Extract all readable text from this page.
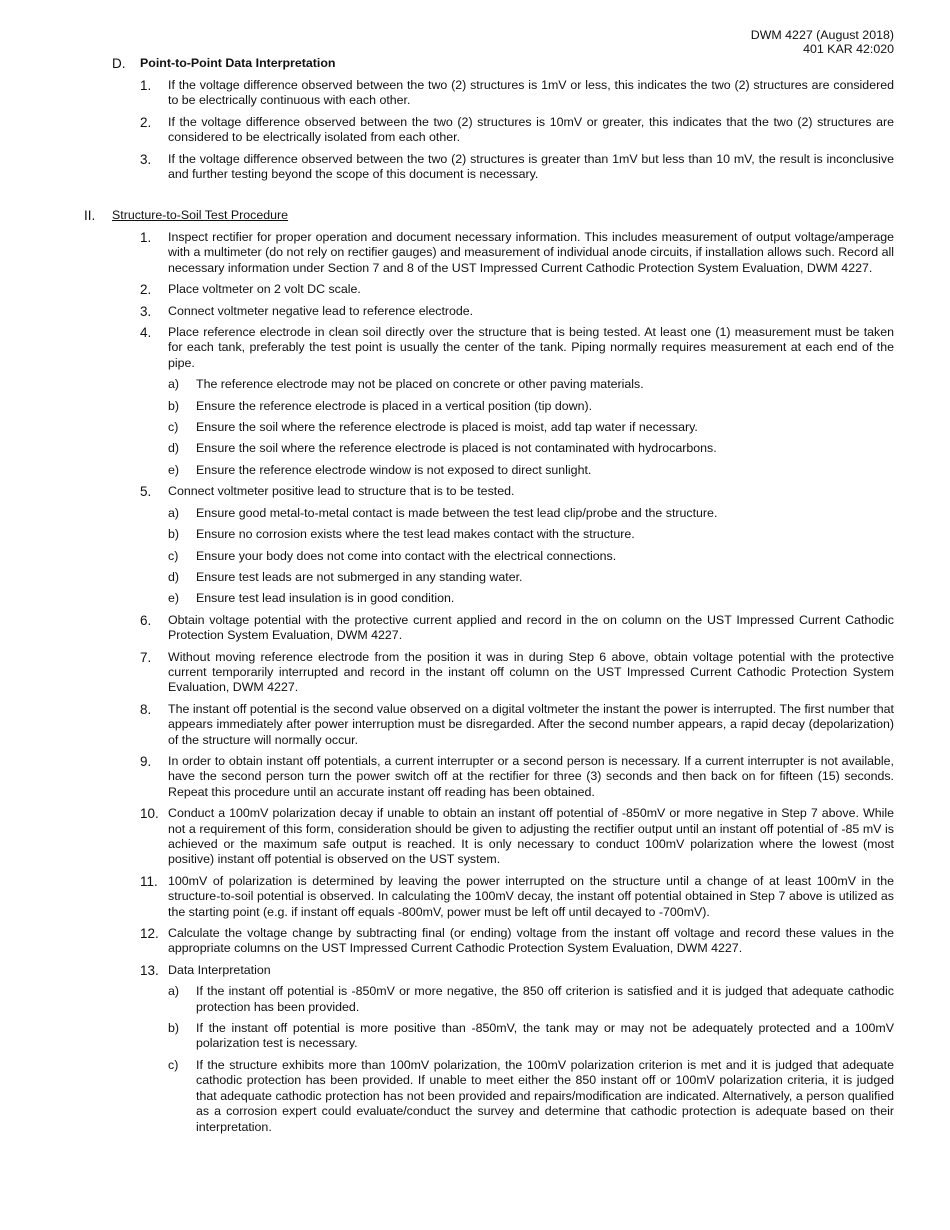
DWM 4227 (August 2018)
401 KAR 42:020
D. Point-to-Point Data Interpretation
1.	If the voltage difference observed between the two (2) structures is 1mV or less, this indicates the two (2) structures are considered to be electrically continuous with each other.
2.	If the voltage difference observed between the two (2) structures is 10mV or greater, this indicates that the two (2) structures are considered to be electrically isolated from each other.
3.	If the voltage difference observed between the two (2) structures is greater than 1mV but less than 10 mV, the result is inconclusive and further testing beyond the scope of this document is necessary.
II. Structure-to-Soil Test Procedure
1.	Inspect rectifier for proper operation and document necessary information. This includes measurement of output voltage/amperage with a multimeter (do not rely on rectifier gauges) and measurement of individual anode circuits, if installation allows such. Record all necessary information under Section 7 and 8 of the UST Impressed Current Cathodic Protection System Evaluation, DWM 4227.
2.	Place voltmeter on 2 volt DC scale.
3.	Connect voltmeter negative lead to reference electrode.
4.	Place reference electrode in clean soil directly over the structure that is being tested. At least one (1) measurement must be taken for each tank, preferably the test point is usually the center of the tank. Piping normally requires measurement at each end of the pipe.
a) The reference electrode may not be placed on concrete or other paving materials.
b) Ensure the reference electrode is placed in a vertical position (tip down).
c) Ensure the soil where the reference electrode is placed is moist, add tap water if necessary.
d) Ensure the soil where the reference electrode is placed is not contaminated with hydrocarbons.
e) Ensure the reference electrode window is not exposed to direct sunlight.
5.	Connect voltmeter positive lead to structure that is to be tested.
a) Ensure good metal-to-metal contact is made between the test lead clip/probe and the structure.
b) Ensure no corrosion exists where the test lead makes contact with the structure.
c) Ensure your body does not come into contact with the electrical connections.
d) Ensure test leads are not submerged in any standing water.
e) Ensure test lead insulation is in good condition.
6.	Obtain voltage potential with the protective current applied and record in the on column on the UST Impressed Current Cathodic Protection System Evaluation, DWM 4227.
7.	Without moving reference electrode from the position it was in during Step 6 above, obtain voltage potential with the protective current temporarily interrupted and record in the instant off column on the UST Impressed Current Cathodic Protection System Evaluation, DWM 4227.
8.	The instant off potential is the second value observed on a digital voltmeter the instant the power is interrupted. The first number that appears immediately after power interruption must be disregarded. After the second number appears, a rapid decay (depolarization) of the structure will normally occur.
9.	In order to obtain instant off potentials, a current interrupter or a second person is necessary. If a current interrupter is not available, have the second person turn the power switch off at the rectifier for three (3) seconds and then back on for fifteen (15) seconds. Repeat this procedure until an accurate instant off reading has been obtained.
10. Conduct a 100mV polarization decay if unable to obtain an instant off potential of -850mV or more negative in Step 7 above. While not a requirement of this form, consideration should be given to adjusting the rectifier output until an instant off potential of -85 mV is achieved or the maximum safe output is reached. It is only necessary to conduct 100mV polarization where the lowest (most positive) instant off potential is observed on the UST system.
11. 100mV of polarization is determined by leaving the power interrupted on the structure until a change of at least 100mV in the structure-to-soil potential is observed. In calculating the 100mV decay, the instant off potential obtained in Step 7 above is utilized as the starting point (e.g. if instant off equals -800mV, power must be left off until decayed to -700mV).
12. Calculate the voltage change by subtracting final (or ending) voltage from the instant off voltage and record these values in the appropriate columns on the UST Impressed Current Cathodic Protection System Evaluation, DWM 4227.
13. Data Interpretation
a) If the instant off potential is -850mV or more negative, the 850 off criterion is satisfied and it is judged that adequate cathodic protection has been provided.
b) If the instant off potential is more positive than -850mV, the tank may or may not be adequately protected and a 100mV polarization test is necessary.
c) If the structure exhibits more than 100mV polarization, the 100mV polarization criterion is met and it is judged that adequate cathodic protection has been provided. If unable to meet either the 850 instant off or 100mV polarization criteria, it is judged that adequate cathodic protection has not been provided and repairs/modification are indicated. Alternatively, a person qualified as a corrosion expert could evaluate/conduct the survey and determine that cathodic protection is adequate based on their interpretation.
